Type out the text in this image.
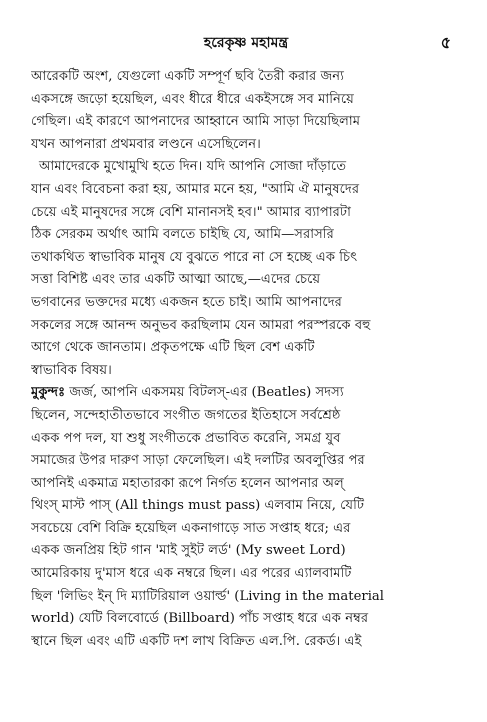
হরেকৃষ্ণ মহামন্ত্র	৫

আরেকটি অংশ, যেগুলো একটি সম্পূর্ণ ছবি তৈরী করার জন্য
একসঙ্গে জড়ো হয়েছিল, এবং ধীরে ধীরে একইসঙ্গে সব মানিয়ে
গেছিল। এই কারণে আপনাদের আহ্বানে আমি সাড়া দিয়েছিলাম
যখন আপনারা প্রথমবার লণ্ডনে এসেছিলেন।

আমাদেরকে মুখোমুখি হতে দিন। যদি আপনি সোজা দাঁড়াতে
যান এবং বিবেচনা করা হয়, আমার মনে হয়, "আমি ঐ মানুষদের
চেয়ে এই মানুষদের সঙ্গে বেশি মানানসই হব।" আমার ব্যাপারটা
ঠিক সেরকম অর্থাৎ আমি বলতে চাইছি যে, আমি—সরাসরি
তথাকথিত স্বাভাবিক মানুষ যে বুঝতে পারে না সে হচ্ছে এক চিৎ
সত্তা বিশিষ্ট এবং তার একটি আত্মা আছে,—এদের চেয়ে
ভগবানের ভক্তদের মধ্যে একজন হতে চাই। আমি আপনাদের
সকলের সঙ্গে আনন্দ অনুভব করছিলাম যেন আমরা পরস্পরকে বহু
আগে থেকে জানতাম। প্রকৃতপক্ষে এটি ছিল বেশ একটি
স্বাভাবিক বিষয়।

মুকুন্দঃ জর্জ, আপনি একসময় বিটলস্-এর (Beatles) সদস্য
ছিলেন, সন্দেহাতীতভাবে সংগীত জগতের ইতিহাসে সর্বশ্রেষ্ঠ
একক পপ দল, যা শুধু সংগীতকে প্রভাবিত করেনি, সমগ্র যুব
সমাজের উপর দারুণ সাড়া ফেলেছিল। এই দলটির অবলুপ্তির পর
আপনিই একমাত্র মহাতারকা রূপে নির্গত হলেন আপনার অল্
থিংস্ মাস্ট পাস্ (All things must pass) এলবাম নিয়ে, যেটি
সবচেয়ে বেশি বিক্রি হয়েছিল একনাগাড়ে সাত সপ্তাহ ধরে; এর
একক জনপ্রিয় হিট গান 'মাই সুইট লর্ড' (My sweet Lord)
আমেরিকায় দু'মাস ধরে এক নম্বরে ছিল। এর পরের এ্যালবামটি
ছিল 'লিভিং ইন্ দি ম্যাটিরিয়াল ওয়ার্ল্ড' (Living in the material
world) যেটি বিলবোর্ডে (Billboard) পাঁচ সপ্তাহ ধরে এক নম্বর
স্থানে ছিল এবং এটি একটি দশ লাখ বিক্রিত এল.পি. রেকর্ড। এই
